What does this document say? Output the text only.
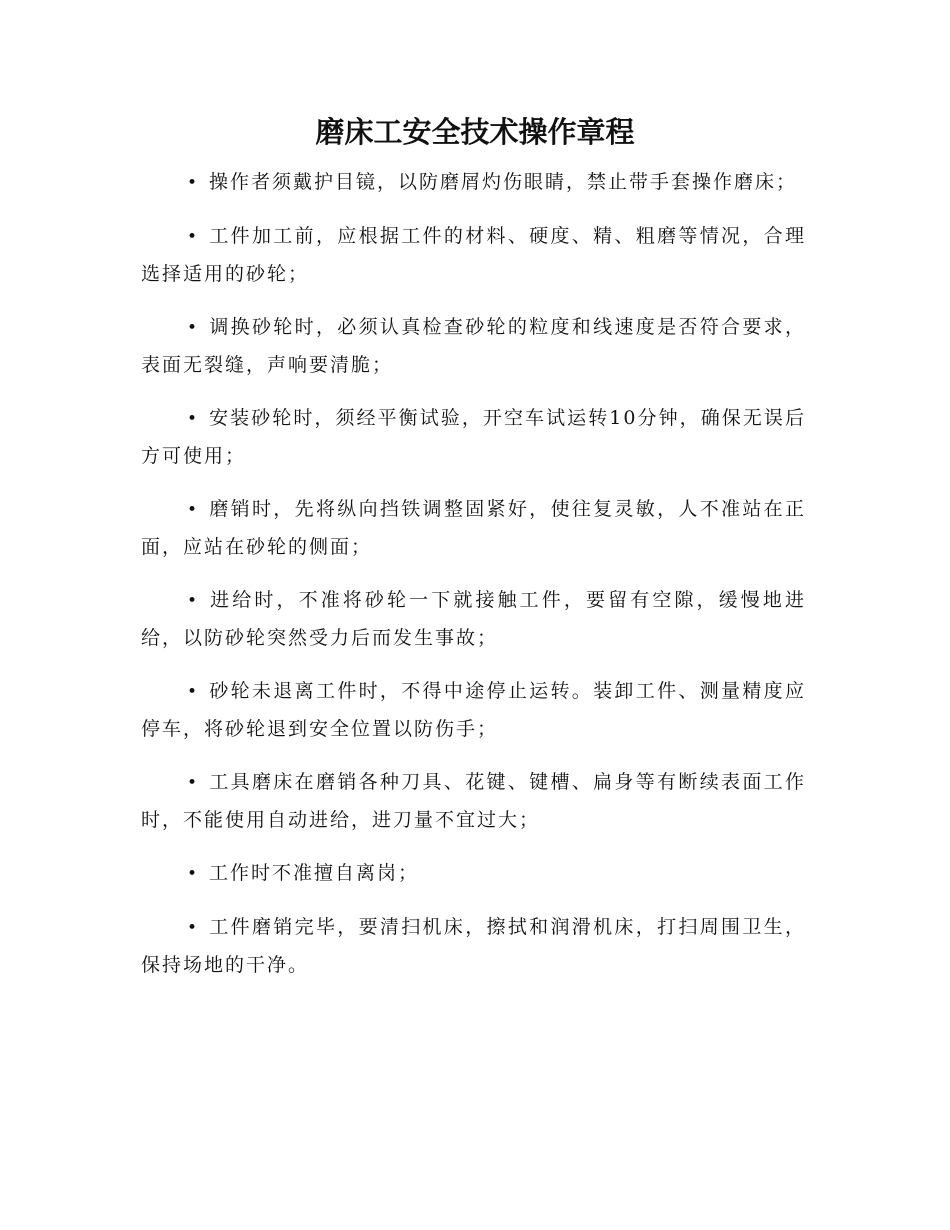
磨床工安全技术操作章程
• 操作者须戴护目镜，以防磨屑灼伤眼睛，禁止带手套操作磨床；
• 工件加工前，应根据工件的材料、硬度、精、粗磨等情况，合理选择适用的砂轮；
• 调换砂轮时，必须认真检查砂轮的粒度和线速度是否符合要求，表面无裂缝，声响要清脆；
• 安装砂轮时，须经平衡试验，开空车试运转10分钟，确保无误后方可使用；
• 磨销时，先将纵向挡铁调整固紧好，使往复灵敏，人不准站在正面，应站在砂轮的侧面；
• 进给时，不准将砂轮一下就接触工件，要留有空隙，缓慢地进给，以防砂轮突然受力后而发生事故；
• 砂轮未退离工件时，不得中途停止运转。装卸工件、测量精度应停车，将砂轮退到安全位置以防伤手；
• 工具磨床在磨销各种刀具、花键、键槽、扁身等有断续表面工作时，不能使用自动进给，进刀量不宜过大；
• 工作时不准擅自离岗；
• 工件磨销完毕，要清扫机床，擦拭和润滑机床，打扫周围卫生，保持场地的干净。
